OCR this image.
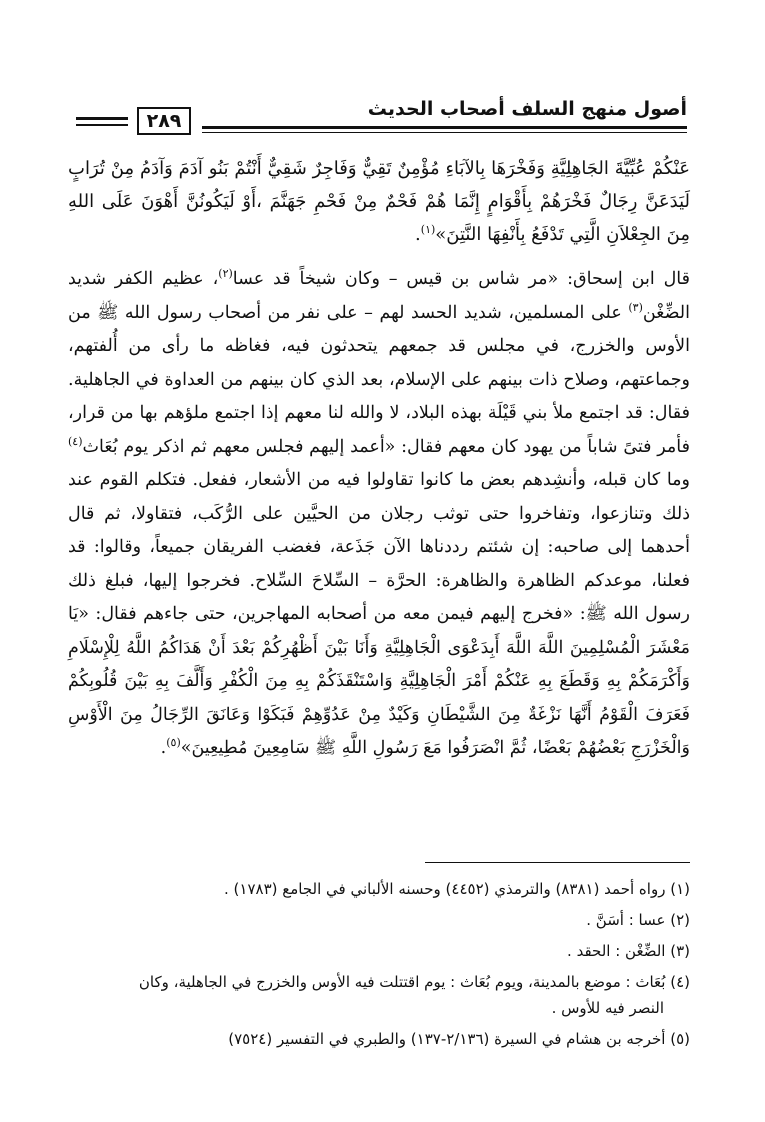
أصول منهج السلف أصحاب الحديث
٢٨٩

عَنْكُمْ عُبِّيَّةَ الجَاهِلِيَّةِ وَفَخْرَهَا بِالآبَاءِ مُؤْمِنٌ تَقِيٌّ وَفَاجِرٌ شَقِيٌّ أَنْتُمْ بَنُو آدَمَ وَآدَمُ مِنْ تُرَابٍ لَيَدَعَنَّ رِجَالٌ فَخْرَهُمْ بِأَقْوَامٍ إِنَّمَا هُمْ فَحْمٌ مِنْ فَحْمِ جَهَنَّمَ ،أَوْ لَيَكُونُنَّ أَهْوَنَ عَلَى اللهِ مِنَ الجِعْلاَنِ الَّتِي تَدْفَعُ بِأَنْفِهَا النَّتِنَ»$^{(١)}$.

قال ابن إسحاق: «مر شاس بن قيس – وكان شيخاً قد عسا$^{(٢)}$، عظيم الكفر شديد الضِّغْن$^{(٣)}$ على المسلمين، شديد الحسد لهم – على نفر من أصحاب رسول الله ﷺ من الأوس والخزرج، في مجلس قد جمعهم يتحدثون فيه، فغاظه ما رأى من أُلفتهم، وجماعتهم، وصلاح ذات بينهم على الإسلام، بعد الذي كان بينهم من العداوة في الجاهلية. فقال: قد اجتمع ملأ بني قَيْلَة بهذه البلاد، لا والله لنا معهم إذا اجتمع ملؤهم بها من قرار، فأمر فتىً شاباً من يهود كان معهم فقال: «أعمد إليهم فجلس معهم ثم اذكر يوم بُعَاث$^{(٤)}$ وما كان قبله، وأنشِدهم بعض ما كانوا تقاولوا فيه من الأشعار، ففعل. فتكلم القوم عند ذلك وتنازعوا، وتفاخروا حتى توثب رجلان من الحيَّين على الرُّكَب، فتقاولا، ثم قال أحدهما إلى صاحبه: إن شئتم رددناها الآن جَذَعة، فغضب الفريقان جميعاً، وقالوا: قد فعلنا، موعدكم الظاهرة والظاهرة: الحرَّة – السِّلاحَ السِّلاح. فخرجوا إليها، فبلغ ذلك رسول الله ﷺ: «فخرج إليهم فيمن معه من أصحابه المهاجرين، حتى جاءهم فقال: «يَا مَعْشَرَ الْمُسْلِمِينَ اللَّهَ اللَّهَ أَبِدَعْوَى الْجَاهِلِيَّةِ وَأَنَا بَيْنَ أَظْهُرِكُمْ بَعْدَ أَنْ هَدَاكُمُ اللَّهُ لِلْإِسْلَامِ وَأَكْرَمَكُمْ بِهِ وَقَطَعَ بِهِ عَنْكُمْ أَمْرَ الْجَاهِلِيَّةِ وَاسْتَنْقَذَكُمْ بِهِ مِنَ الْكُفْرِ وَأَلَّفَ بِهِ بَيْنَ قُلُوبِكُمْ فَعَرَفَ الْقَوْمُ أَنَّهَا نَزْغَةٌ مِنَ الشَّيْطَانِ وَكَيْدٌ مِنْ عَدُوِّهِمْ فَبَكَوْا وَعَانَقَ الرِّجَالُ مِنَ الْأَوْسِ وَالْخَزْرَجِ بَعْضُهُمْ بَعْضًا، ثُمَّ انْصَرَفُوا مَعَ رَسُولِ اللَّهِ ﷺ سَامِعِينَ مُطِيعِينَ»$^{(٥)}$.

(١) رواه أحمد (٨٣٨١) والترمذي (٤٤٥٢) وحسنه الألباني في الجامع (١٧٨٣) .

(٢) عسا : أسَنَّ .

(٣) الضِّغْن : الحقد .

(٤) بُعَاث : موضع بالمدينة، ويوم بُعَاث : يوم اقتتلت فيه الأوس والخزرج في الجاهلية، وكان

النصر فيه للأوس .

(٥) أخرجه بن هشام في السيرة (٢/١٣٦-١٣٧) والطبري في التفسير (٧٥٢٤)
